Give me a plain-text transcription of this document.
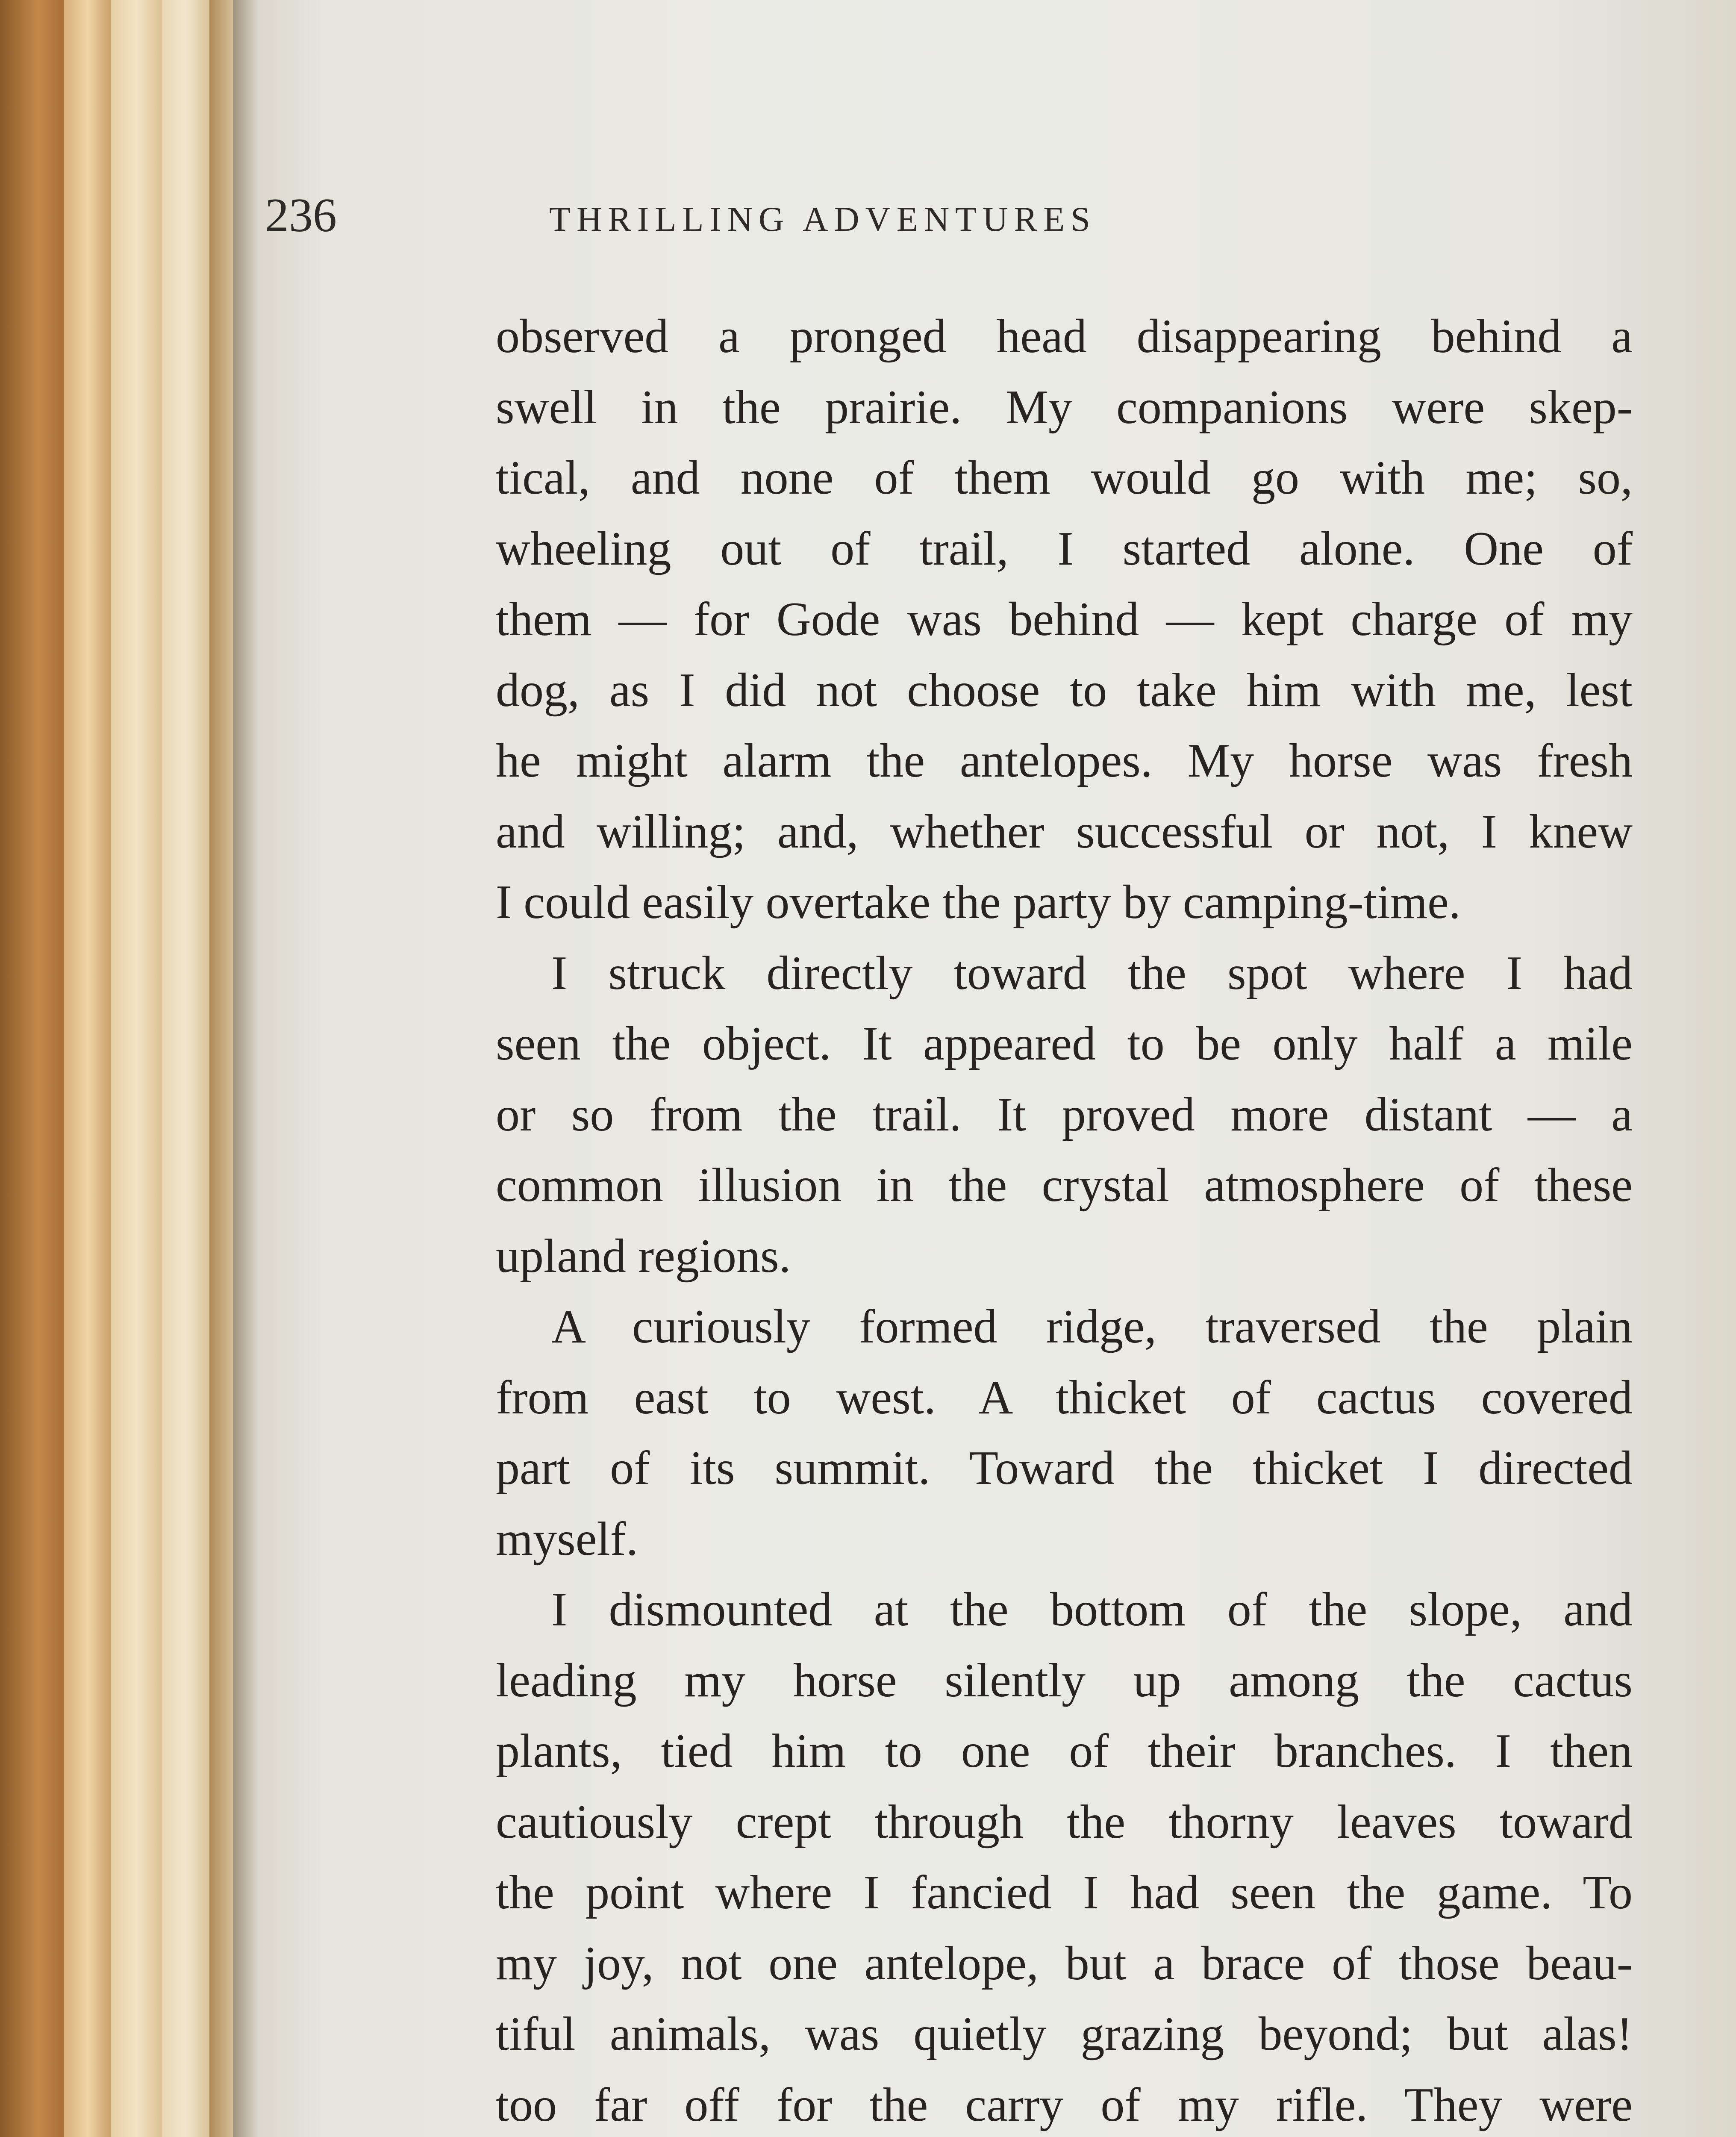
236	THRILLING ADVENTURES
observed a pronged head disappearing behind a
swell in the prairie. My companions were skep-
tical, and none of them would go with me; so,
wheeling out of trail, I started alone. One of
them — for Gode was behind — kept charge of my
dog, as I did not choose to take him with me, lest
he might alarm the antelopes. My horse was fresh
and willing; and, whether successful or not, I knew
I could easily overtake the party by camping-time.
I struck directly toward the spot where I had
seen the object. It appeared to be only half a mile
or so from the trail. It proved more distant — a
common illusion in the crystal atmosphere of these
upland regions.
A curiously formed ridge, traversed the plain
from east to west. A thicket of cactus covered
part of its summit. Toward the thicket I directed
myself.
I dismounted at the bottom of the slope, and
leading my horse silently up among the cactus
plants, tied him to one of their branches. I then
cautiously crept through the thorny leaves toward
the point where I fancied I had seen the game. To
my joy, not one antelope, but a brace of those beau-
tiful animals, was quietly grazing beyond; but alas!
too far off for the carry of my rifle. They were
